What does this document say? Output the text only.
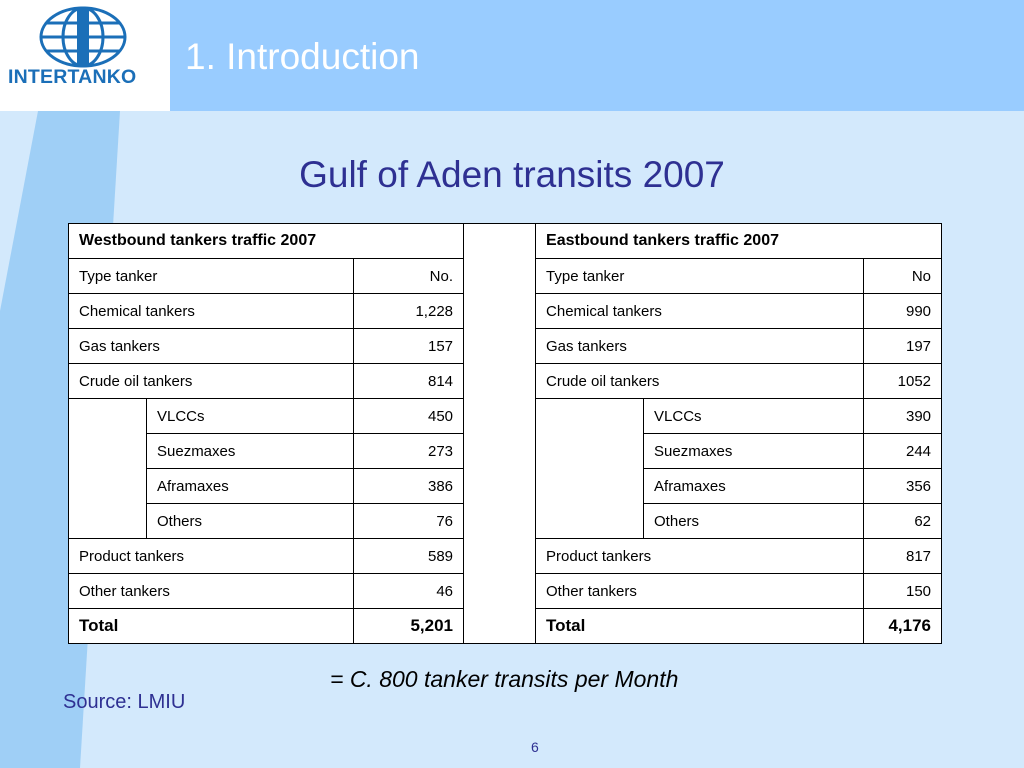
INTERTANKO 1. Introduction
Gulf of Aden transits 2007
Westbound tankers traffic 2007				Eastbound tankers traffic 2007		
Type tanker		No.		Type tanker		No
Chemical tankers		1,228		Chemical tankers		990
Gas tankers		157		Gas tankers		197
Crude oil tankers		814		Crude oil tankers		1052
	VLCCs	450			VLCCs	390
	Suezmaxes	273			Suezmaxes	244
	Aframaxes	386			Aframaxes	356
	Others	76			Others	62
Product tankers		589		Product tankers		817
Other tankers		46		Other tankers		150
Total		5,201		Total		4,176
= C. 800 tanker transits per Month
Source: LMIU
6
